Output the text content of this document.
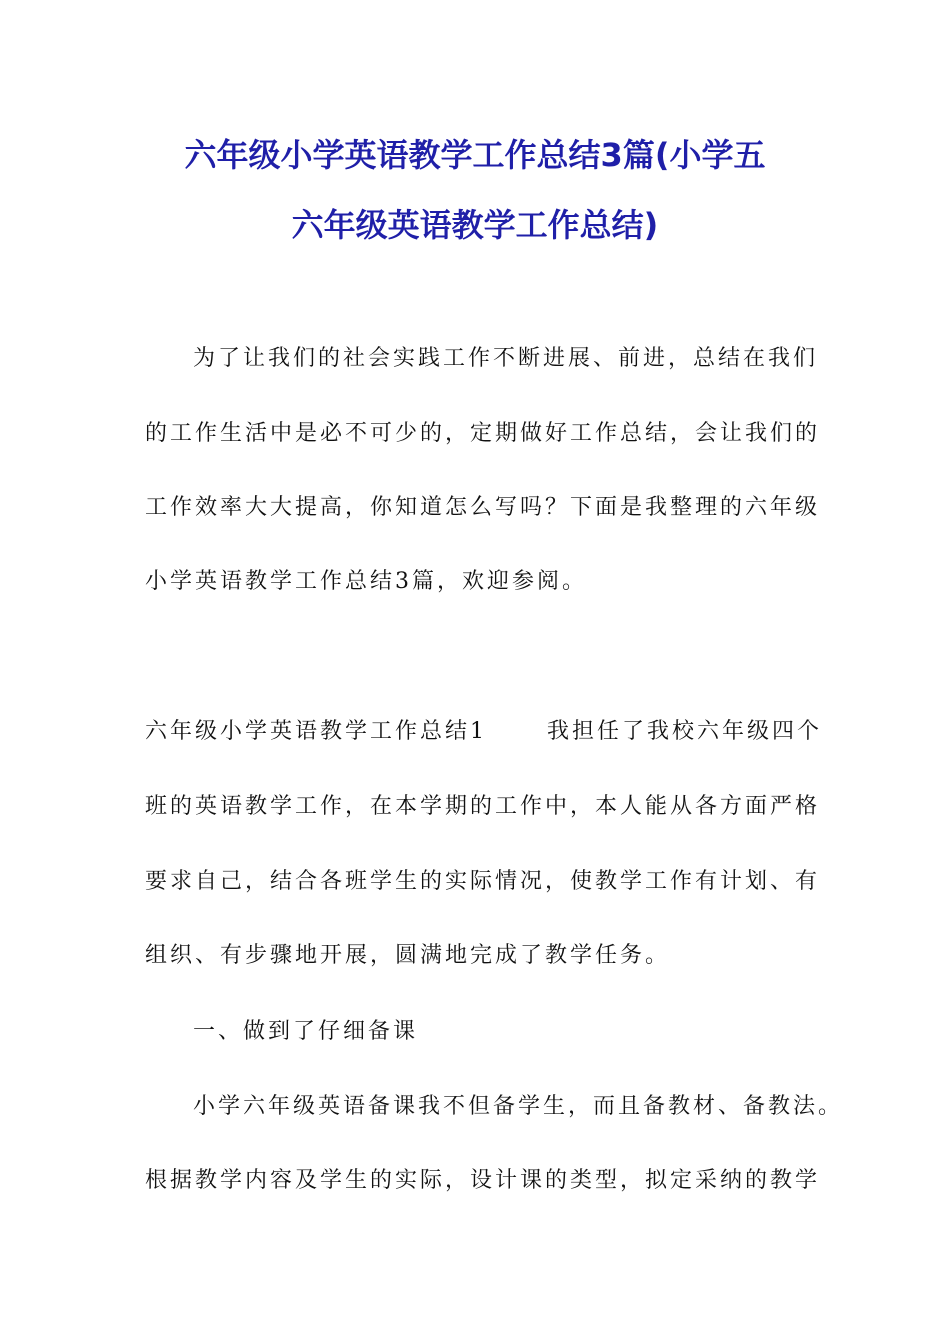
六年级小学英语教学工作总结3篇(小学五
六年级英语教学工作总结)
为了让我们的社会实践工作不断进展、前进，总结在我们
的工作生活中是必不可少的，定期做好工作总结，会让我们的
工作效率大大提高，你知道怎么写吗？下面是我整理的六年级
小学英语教学工作总结3篇，欢迎参阅。
六年级小学英语教学工作总结1      我担任了我校六年级四个
班的英语教学工作，在本学期的工作中，本人能从各方面严格
要求自己，结合各班学生的实际情况，使教学工作有计划、有
组织、有步骤地开展，圆满地完成了教学任务。
一、做到了仔细备课
小学六年级英语备课我不但备学生，而且备教材、备教法。
根据教学内容及学生的实际，设计课的类型，拟定采纳的教学
